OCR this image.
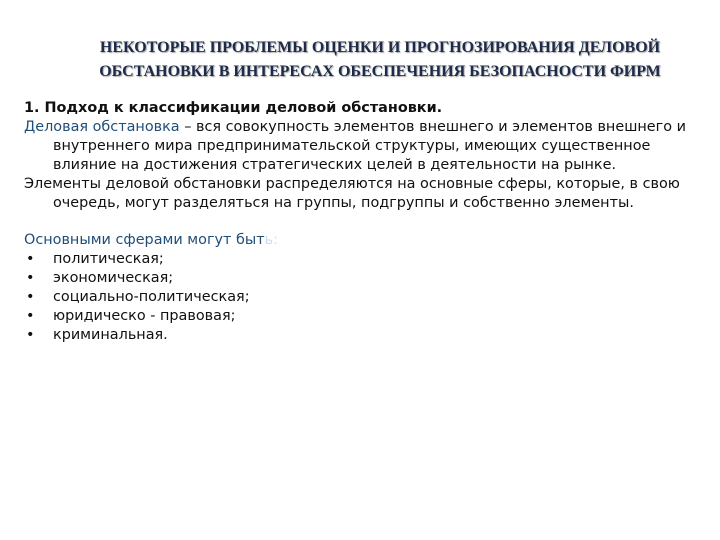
НЕКОТОРЫЕ ПРОБЛЕМЫ ОЦЕНКИ И ПРОГНОЗИРОВАНИЯ ДЕЛОВОЙ
ОБСТАНОВКИ В ИНТЕРЕСАХ ОБЕСПЕЧЕНИЯ БЕЗОПАСНОСТИ ФИРМ

1. Подход к классификации деловой обстановки.

Деловая обстановка – вся совокупность элементов внешнего и элементов внешнего и внутреннего мира предпринимательской структуры, имеющих существенное влияние на достижения стратегических целей в деятельности на рынке.

Элементы деловой обстановки распределяются на основные сферы, которые, в свою очередь, могут разделяться на группы, подгруппы и собственно элементы.

Основными сферами могут быть:

• политическая;
• экономическая;
• социально-политическая;
• юридическо - правовая;
• криминальная.
